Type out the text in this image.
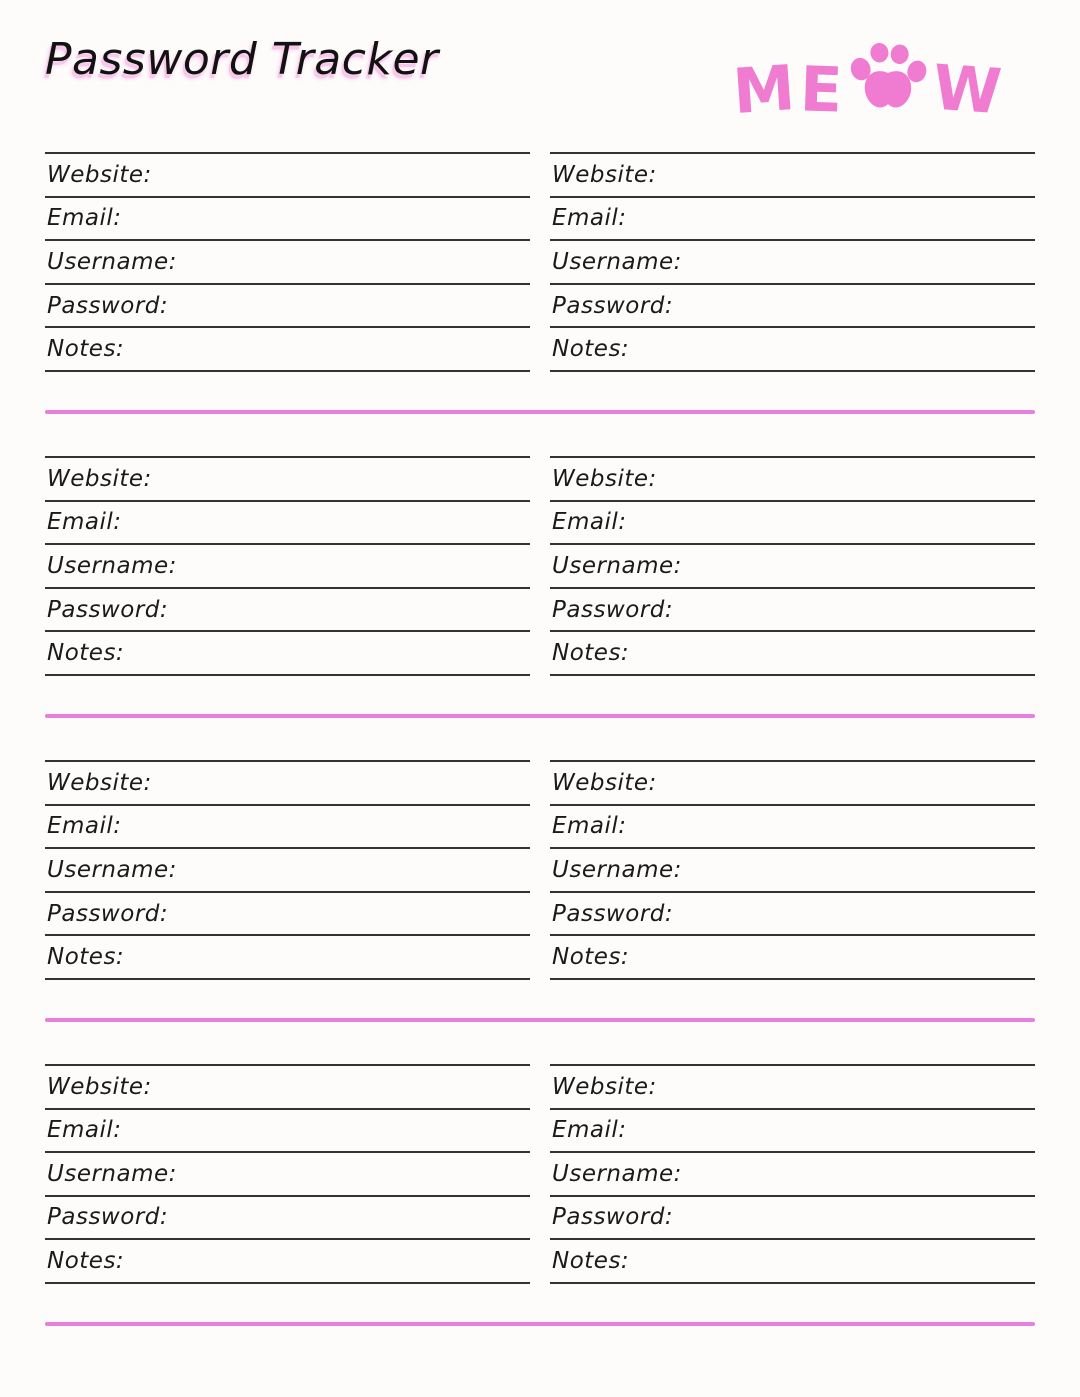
Password Tracker	M E W
Website:
Email:
Username:
Password:
Notes:
Website:
Email:
Username:
Password:
Notes:
Website:
Email:
Username:
Password:
Notes:
Website:
Email:
Username:
Password:
Notes:
Website:
Email:
Username:
Password:
Notes:
Website:
Email:
Username:
Password:
Notes:
Website:
Email:
Username:
Password:
Notes:
Website:
Email:
Username:
Password:
Notes:
